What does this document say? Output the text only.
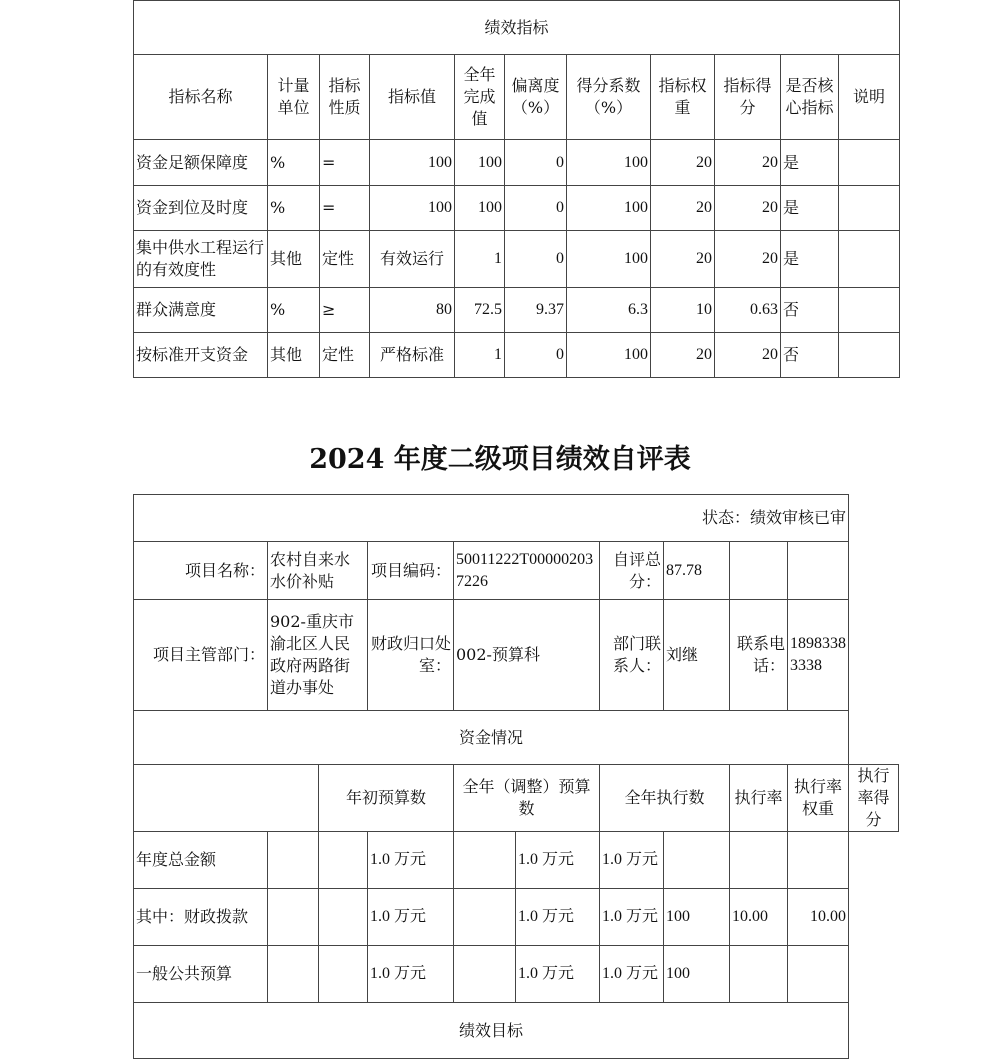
绩效指标										
指标名称	计量单位	指标性质	指标值	全年完成值	偏离度（%）	得分系数（%）	指标权重	指标得分	是否核心指标	说明
资金足额保障度	%	=	100	100	0	100	20	20	是	
资金到位及时度	%	=	100	100	0	100	20	20	是	
集中供水工程运行的有效度性	其他	定性	有效运行	1	0	100	20	20	是	
群众满意度	%	≥	80	72.5	9.37	6.3	10	0.63	否	
按标准开支资金	其他	定性	严格标准	1	0	100	20	20	否	
2024 年度二级项目绩效自评表
状态：绩效审核已审										
项目名称：	农村自来水水价补贴		项目编码：	50011222T000002037226		自评总分：	87.78			
项目主管部门：	902-重庆市渝北区人民政府两路街道办事处		财政归口处室：	002-预算科		部门联系人：	刘继	联系电话：	18983383338	
资金情况										
		年初预算数		全年（调整）预算数		全年执行数		执行率	执行率权重	执行率得分
年度总金额			1.0 万元		1.0 万元	1.0 万元				
其中：财政拨款			1.0 万元		1.0 万元	1.0 万元	100	10.00	10.00	
一般公共预算			1.0 万元		1.0 万元	1.0 万元	100			
绩效目标										
